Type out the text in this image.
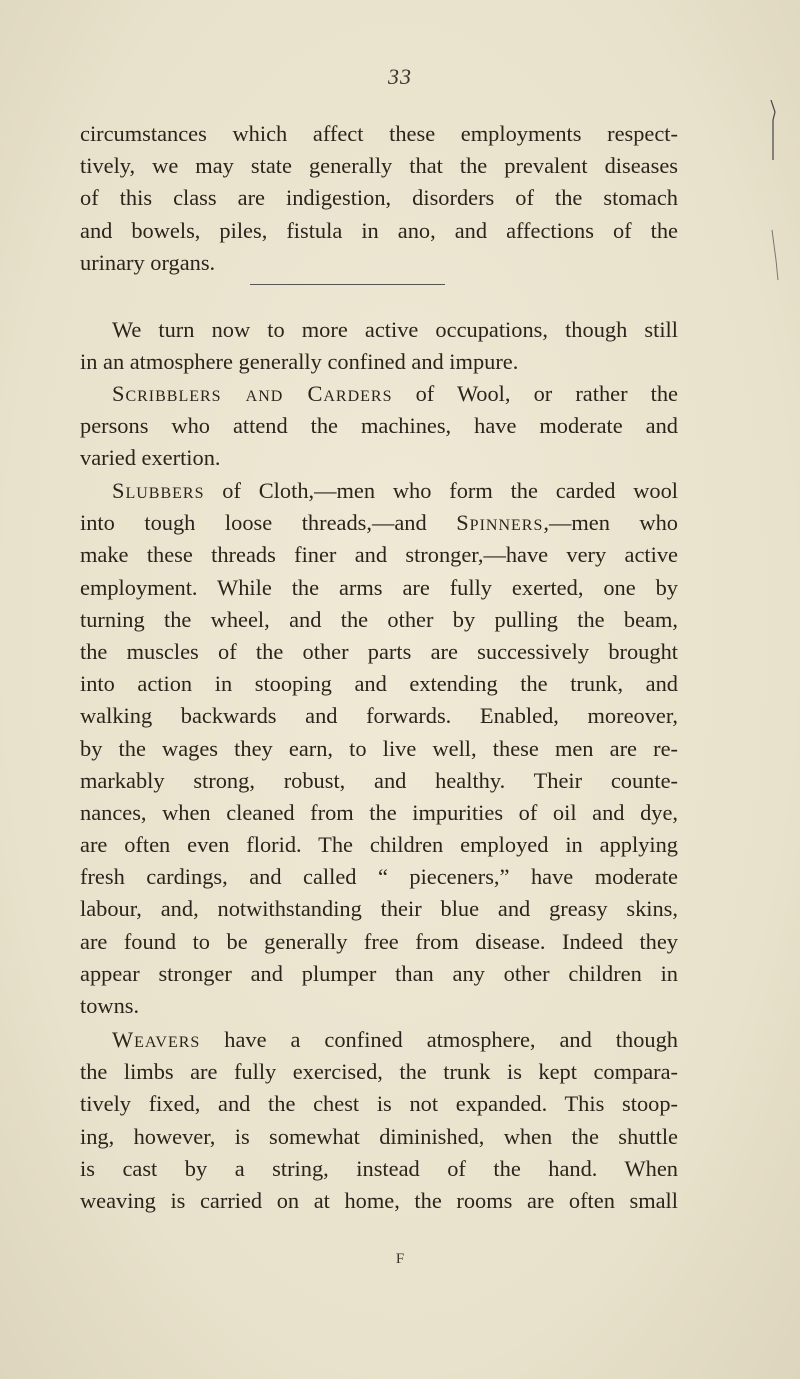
33
circumstances which affect these employments respect-
tively, we may state generally that the prevalent diseases
of this class are indigestion, disorders of the stomach
and bowels, piles, fistula in ano, and affections of the
urinary organs.
We turn now to more active occupations, though still
in an atmosphere generally confined and impure.
Scribblers and Carders of Wool, or rather the
persons who attend the machines, have moderate and
varied exertion.
Slubbers of Cloth,—men who form the carded wool
into tough loose threads,—and Spinners,—men who
make these threads finer and stronger,—have very active
employment. While the arms are fully exerted, one by
turning the wheel, and the other by pulling the beam,
the muscles of the other parts are successively brought
into action in stooping and extending the trunk, and
walking backwards and forwards. Enabled, moreover,
by the wages they earn, to live well, these men are re-
markably strong, robust, and healthy. Their counte-
nances, when cleaned from the impurities of oil and dye,
are often even florid. The children employed in applying
fresh cardings, and called “ pieceners,” have moderate
labour, and, notwithstanding their blue and greasy skins,
are found to be generally free from disease. Indeed they
appear stronger and plumper than any other children in
towns.
Weavers have a confined atmosphere, and though
the limbs are fully exercised, the trunk is kept compara-
tively fixed, and the chest is not expanded. This stoop-
ing, however, is somewhat diminished, when the shuttle
is cast by a string, instead of the hand. When
weaving is carried on at home, the rooms are often small
F
